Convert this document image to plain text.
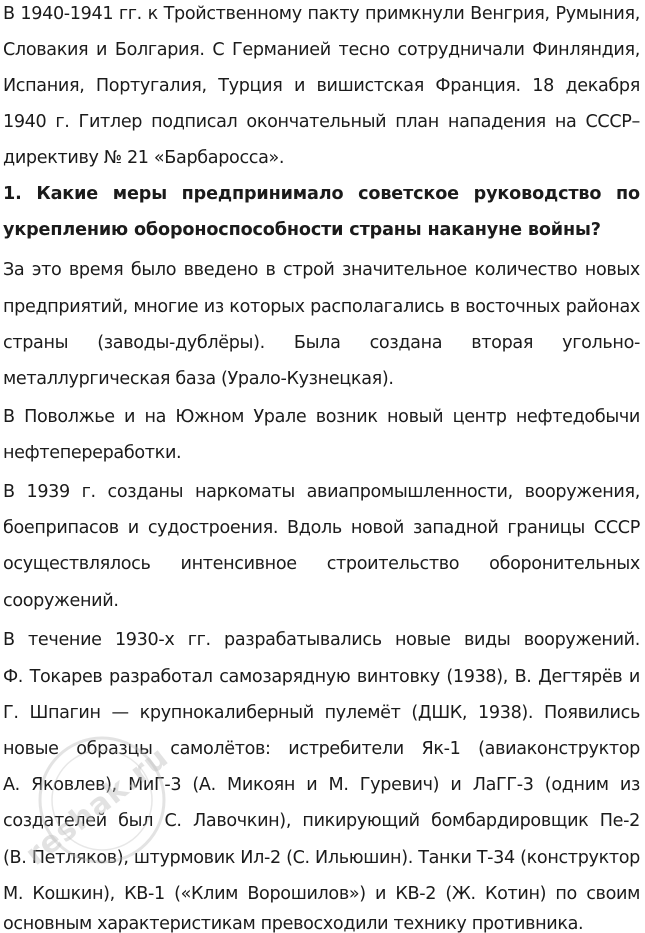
В 1940-1941 гг. к Тройственному пакту примкнули Венгрия, Румыния,
Словакия и Болгария. С Германией тесно сотрудничали Финляндия,
Испания, Португалия, Турция и вишистская Франция. 18 декабря
1940 г. Гитлер подписал окончательный план нападения на СССР–
директиву № 21 «Барбаросса».
1. Какие меры предпринимало советское руководство по
укреплению обороноспособности страны накануне войны?
За это время было введено в строй значительное количество новых
предприятий, многие из которых располагались в восточных районах
страны (заводы-дублёры). Была создана вторая угольно-
металлургическая база (Урало-Кузнецкая).
В Поволжье и на Южном Урале возник новый центр нефтедобычи
нефтепереработки.
В 1939 г. созданы наркоматы авиапромышленности, вооружения,
боеприпасов и судостроения. Вдоль новой западной границы СССР
осуществлялось интенсивное строительство оборонительных
сооружений.
В течение 1930-х гг. разрабатывались новые виды вооружений.
Ф. Токарев разработал самозарядную винтовку (1938), В. Дегтярёв и
Г. Шпагин — крупнокалиберный пулемёт (ДШК, 1938). Появились
новые образцы самолётов: истребители Як-1 (авиаконструктор
А. Яковлев), МиГ-3 (А. Микоян и М. Гуревич) и ЛаГГ-3 (одним из
создателей был С. Лавочкин), пикирующий бомбардировщик Пе-2
(В. Петляков), штурмовик Ил-2 (С. Ильюшин). Танки Т-34 (конструктор
М. Кошкин), КВ-1 («Клим Ворошилов») и КВ-2 (Ж. Котин) по своим
основным характеристикам превосходили технику противника.
reshak.ru
